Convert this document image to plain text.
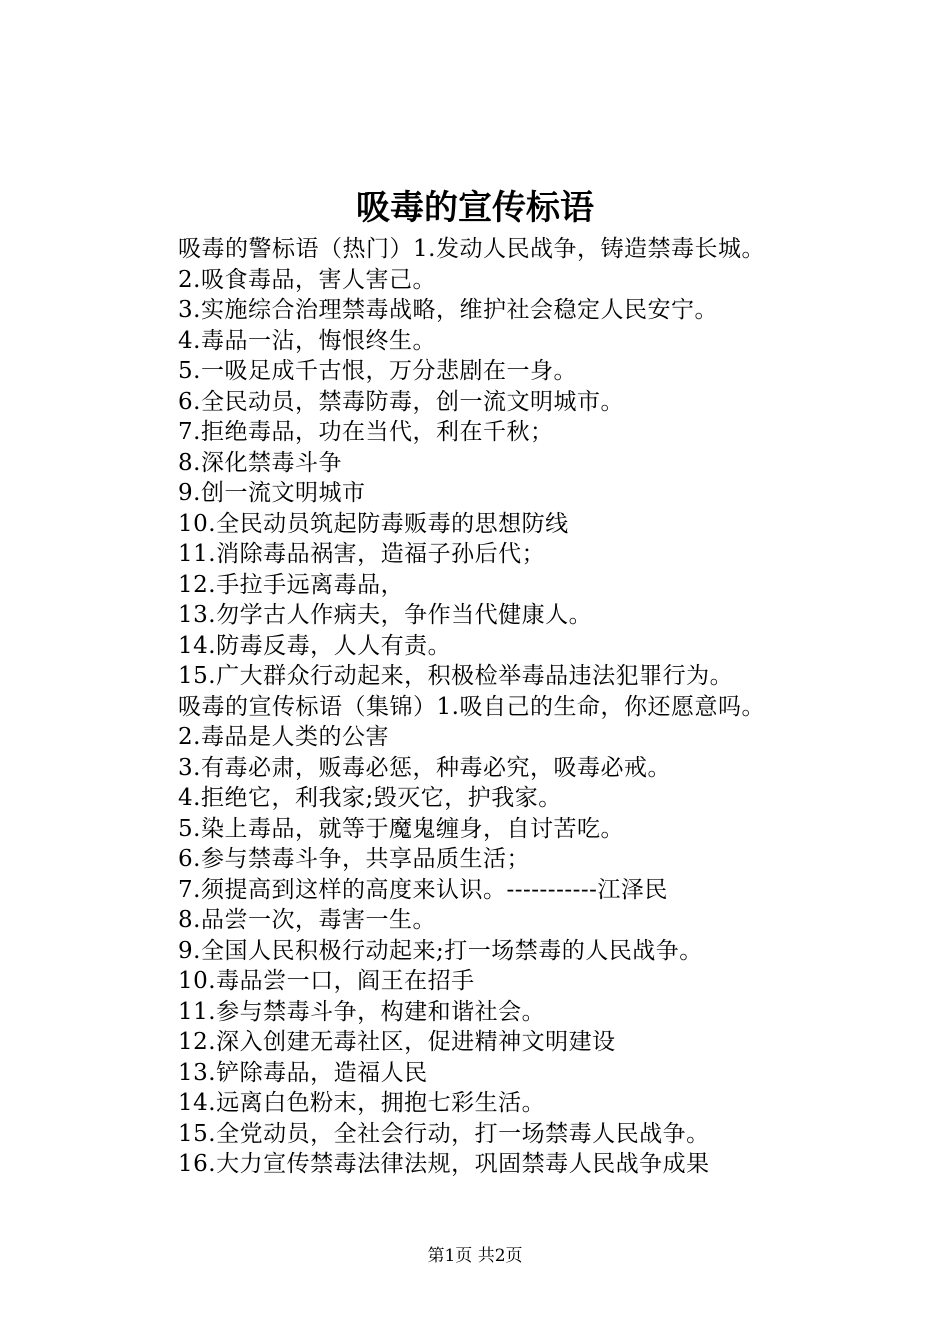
吸毒的宣传标语
吸毒的警标语（热门）1.发动人民战争，铸造禁毒长城。
2.吸食毒品，害人害己。
3.实施综合治理禁毒战略，维护社会稳定人民安宁。
4.毒品一沾，悔恨终生。
5.一吸足成千古恨，万分悲剧在一身。
6.全民动员，禁毒防毒，创一流文明城市。
7.拒绝毒品，功在当代，利在千秋；
8.深化禁毒斗争
9.创一流文明城市
10.全民动员筑起防毒贩毒的思想防线
11.消除毒品祸害，造福子孙后代；
12.手拉手远离毒品，
13.勿学古人作病夫，争作当代健康人。
14.防毒反毒，人人有责。
15.广大群众行动起来，积极检举毒品违法犯罪行为。
吸毒的宣传标语（集锦）1.吸自己的生命，你还愿意吗。
2.毒品是人类的公害
3.有毒必肃，贩毒必惩，种毒必究，吸毒必戒。
4.拒绝它，利我家;毁灭它，护我家。
5.染上毒品，就等于魔鬼缠身，自讨苦吃。
6.参与禁毒斗争，共享品质生活；
7.须提高到这样的高度来认识。-----------江泽民
8.品尝一次，毒害一生。
9.全国人民积极行动起来;打一场禁毒的人民战争。
10.毒品尝一口，阎王在招手
11.参与禁毒斗争，构建和谐社会。
12.深入创建无毒社区，促进精神文明建设
13.铲除毒品，造福人民
14.远离白色粉末，拥抱七彩生活。
15.全党动员，全社会行动，打一场禁毒人民战争。
16.大力宣传禁毒法律法规，巩固禁毒人民战争成果
第1页 共2页
